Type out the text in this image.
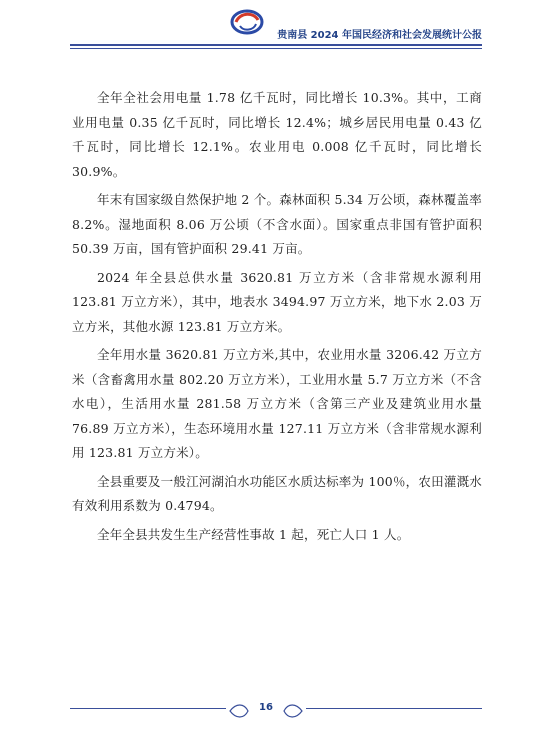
贵南县 2024 年国民经济和社会发展统计公报

全年全社会用电量 1.78 亿千瓦时，同比增长 10.3%。其中，工商业用电量 0.35 亿千瓦时，同比增长 12.4%；城乡居民用电量 0.43 亿千瓦时，同比增长 12.1%。农业用电 0.008 亿千瓦时，同比增长 30.9%。

年末有国家级自然保护地 2 个。森林面积 5.34 万公顷，森林覆盖率 8.2%。湿地面积 8.06 万公顷（不含水面）。国家重点非国有管护面积 50.39 万亩，国有管护面积 29.41 万亩。

2024 年全县总供水量 3620.81 万立方米（含非常规水源利用 123.81 万立方米），其中，地表水 3494.97 万立方米，地下水 2.03 万立方米，其他水源 123.81 万立方米。

全年用水量 3620.81 万立方米,其中，农业用水量 3206.42 万立方米（含畜禽用水量 802.20 万立方米），工业用水量 5.7 万立方米（不含水电），生活用水量 281.58 万立方米（含第三产业及建筑业用水量 76.89 万立方米），生态环境用水量 127.11 万立方米（含非常规水源利用 123.81 万立方米）。

全县重要及一般江河湖泊水功能区水质达标率为 100％，农田灌溉水有效利用系数为 0.4794。

全年全县共发生生产经营性事故 1 起，死亡人口 1 人。

16
